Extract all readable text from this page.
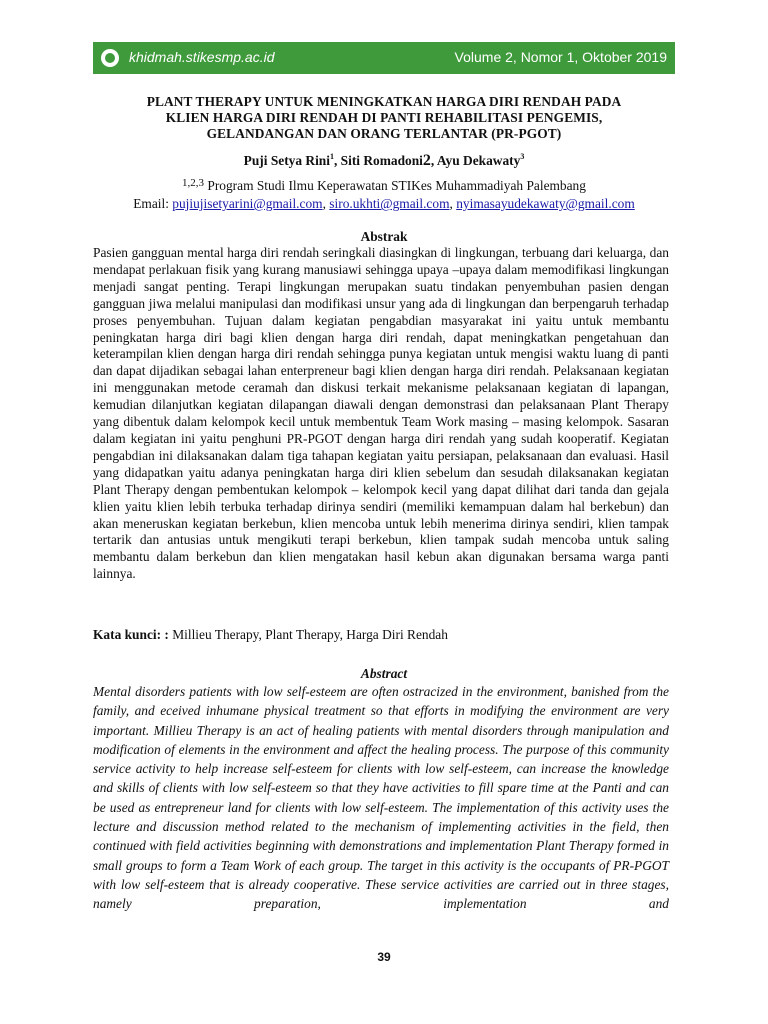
khidmah.stikesmp.ac.id	Volume 2, Nomor 1, Oktober 2019
PLANT THERAPY UNTUK MENINGKATKAN HARGA DIRI RENDAH PADA
KLIEN HARGA DIRI RENDAH DI PANTI REHABILITASI PENGEMIS,
GELANDANGAN DAN ORANG TERLANTAR (PR-PGOT)
Puji Setya Rini$^1$, Siti Romadoni2, Ayu Dekawaty$^3$
$^{1,2,3}$ Program Studi Ilmu Keperawatan STIKes Muhammadiyah Palembang
Email: pujiujisetyarini@gmail.com, siro.ukhti@gmail.com, nyimasayudekawaty@gmail.com
Abstrak

Pasien gangguan mental harga diri rendah seringkali diasingkan di lingkungan, terbuang dari keluarga, dan mendapat perlakuan fisik yang kurang manusiawi sehingga upaya –upaya dalam memodifikasi lingkungan menjadi sangat penting. Terapi lingkungan merupakan suatu tindakan penyembuhan pasien dengan gangguan jiwa melalui manipulasi dan modifikasi unsur yang ada di lingkungan dan berpengaruh terhadap proses penyembuhan. Tujuan dalam kegiatan pengabdian masyarakat ini yaitu untuk membantu peningkatan harga diri bagi klien dengan harga diri rendah, dapat meningkatkan pengetahuan dan keterampilan klien dengan harga diri rendah sehingga punya kegiatan untuk mengisi waktu luang di panti dan dapat dijadikan sebagai lahan enterpreneur bagi klien dengan harga diri rendah. Pelaksanaan kegiatan ini menggunakan metode ceramah dan diskusi terkait mekanisme pelaksanaan kegiatan di lapangan, kemudian dilanjutkan kegiatan dilapangan diawali dengan demonstrasi dan pelaksanaan Plant Therapy yang dibentuk dalam kelompok kecil untuk membentuk Team Work masing – masing kelompok. Sasaran dalam kegiatan ini yaitu penghuni PR-PGOT dengan harga diri rendah yang sudah kooperatif. Kegiatan pengabdian ini dilaksanakan dalam tiga tahapan kegiatan yaitu persiapan, pelaksanaan dan evaluasi. Hasil yang didapatkan yaitu adanya peningkatan harga diri klien sebelum dan sesudah dilaksanakan kegiatan Plant Therapy dengan pembentukan kelompok – kelompok kecil yang dapat dilihat dari tanda dan gejala klien yaitu klien lebih terbuka terhadap dirinya sendiri (memiliki kemampuan dalam hal berkebun) dan akan meneruskan kegiatan berkebun, klien mencoba untuk lebih menerima dirinya sendiri, klien tampak tertarik dan antusias untuk mengikuti terapi berkebun, klien tampak sudah mencoba untuk saling membantu dalam berkebun dan klien mengatakan hasil kebun akan digunakan bersama warga panti lainnya.

Kata kunci: : Millieu Therapy, Plant Therapy, Harga Diri Rendah
Abstract

Mental disorders patients with low self-esteem are often ostracized in the environment, banished from the family, and eceived inhumane physical treatment so that efforts in modifying the environment are very important. Millieu Therapy is an act of healing patients with mental disorders through manipulation and modification of elements in the environment and affect the healing process. The purpose of this community service activity to help increase self-esteem for clients with low self-esteem, can increase the knowledge and skills of clients with low self-esteem so that they have activities to fill spare time at the Panti and can be used as entrepreneur land for clients with low self-esteem. The implementation of this activity uses the lecture and discussion method related to the mechanism of implementing activities in the field, then continued with field activities beginning with demonstrations and implementation Plant Therapy formed in small groups to form a Team Work of each group. The target in this activity is the occupants of PR-PGOT with low self-esteem that is already cooperative. These service activities are carried out in three stages, namely preparation, implementation and

39
